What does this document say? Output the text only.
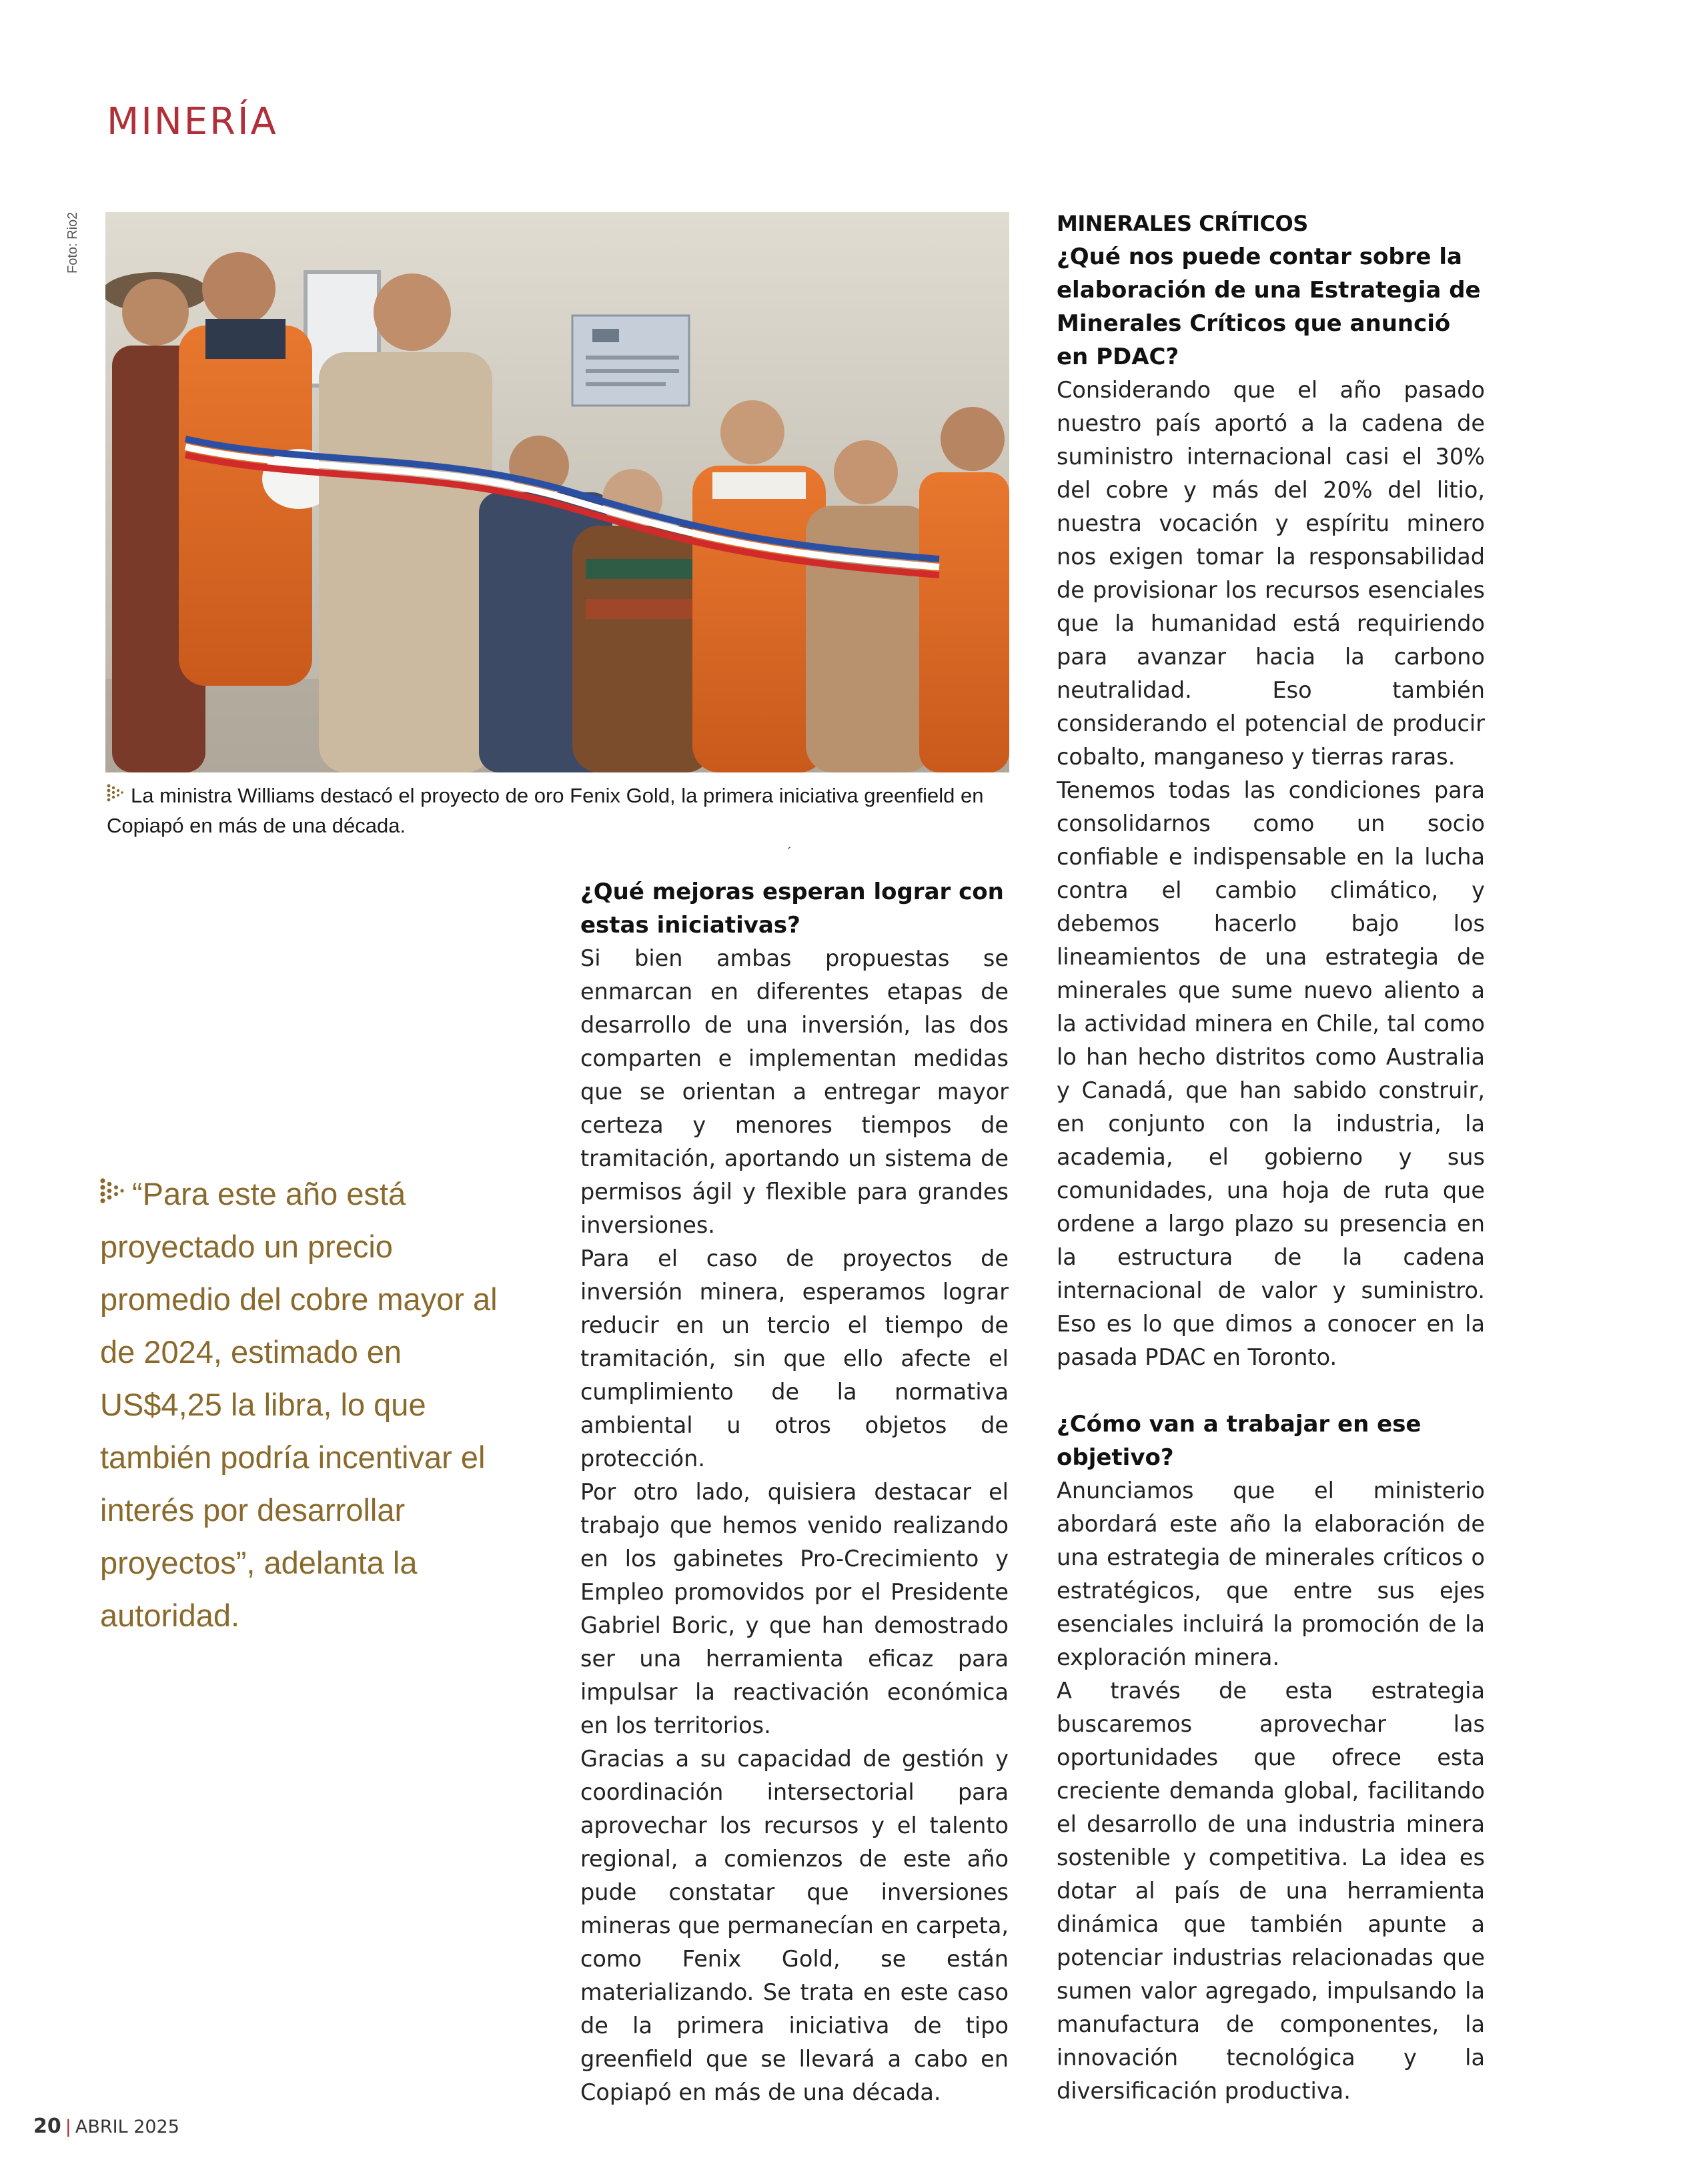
MINERÍA
Foto: Rio2
La ministra Williams destacó el proyecto de oro Fenix Gold, la primera iniciativa greenfield en Copiapó en más de una década.
´
“Para este año está proyectado un precio promedio del cobre mayor al de 2024, estimado en US$4,25 la libra, lo que también podría incentivar el interés por desarrollar proyectos”, adelanta la autoridad.
¿Qué mejoras esperan lograr con estas iniciativas?

Si bien ambas propuestas se enmarcan en diferentes etapas de desarrollo de una inversión, las dos comparten e implementan medidas que se orientan a entregar mayor certeza y menores tiempos de tramitación, aportando un sistema de permisos ágil y flexible para grandes inversiones.

Para el caso de proyectos de inversión minera, esperamos lograr reducir en un tercio el tiempo de tramitación, sin que ello afecte el cumplimiento de la normativa ambiental u otros objetos de protección.

Por otro lado, quisiera destacar el trabajo que hemos venido realizando en los gabinetes Pro-Crecimiento y Empleo promovidos por el Presidente Gabriel Boric, y que han demostrado ser una herramienta eficaz para impulsar la reactivación económica en los territorios.

Gracias a su capacidad de gestión y coordinación intersectorial para aprovechar los recursos y el talento regional, a comienzos de este año pude constatar que inversiones mineras que permanecían en carpeta, como Fenix Gold, se están materializando. Se trata en este caso de la primera iniciativa de tipo greenfield que se llevará a cabo en Copiapó en más de una década.

MINERALES CRÍTICOS
¿Qué nos puede contar sobre la elaboración de una Estrategia de Minerales Críticos que anunció en PDAC?

Considerando que el año pasado nuestro país aportó a la cadena de suministro internacional casi el 30% del cobre y más del 20% del litio, nuestra vocación y espíritu minero nos exigen tomar la responsabilidad de provisionar los recursos esenciales que la humanidad está requiriendo para avanzar hacia la carbono neutralidad. Eso también considerando el potencial de producir cobalto, manganeso y tierras raras.

Tenemos todas las condiciones para consolidarnos como un socio confiable e indispensable en la lucha contra el cambio climático, y debemos hacerlo bajo los lineamientos de una estrategia de minerales que sume nuevo aliento a la actividad minera en Chile, tal como lo han hecho distritos como Australia y Canadá, que han sabido construir, en conjunto con la industria, la academia, el gobierno y sus comunidades, una hoja de ruta que ordene a largo plazo su presencia en la estructura de la cadena internacional de valor y suministro. Eso es lo que dimos a conocer en la pasada PDAC en Toronto.

¿Cómo van a trabajar en ese objetivo?

Anunciamos que el ministerio abordará este año la elaboración de una estrategia de minerales críticos o estratégicos, que entre sus ejes esenciales incluirá la promoción de la exploración minera.

A través de esta estrategia buscaremos aprovechar las oportunidades que ofrece esta creciente demanda global, facilitando el desarrollo de una industria minera sostenible y competitiva. La idea es dotar al país de una herramienta dinámica que también apunte a potenciar industrias relacionadas que sumen valor agregado, impulsando la manufactura de componentes, la innovación tecnológica y la diversificación productiva.

20 | ABRIL 2025
